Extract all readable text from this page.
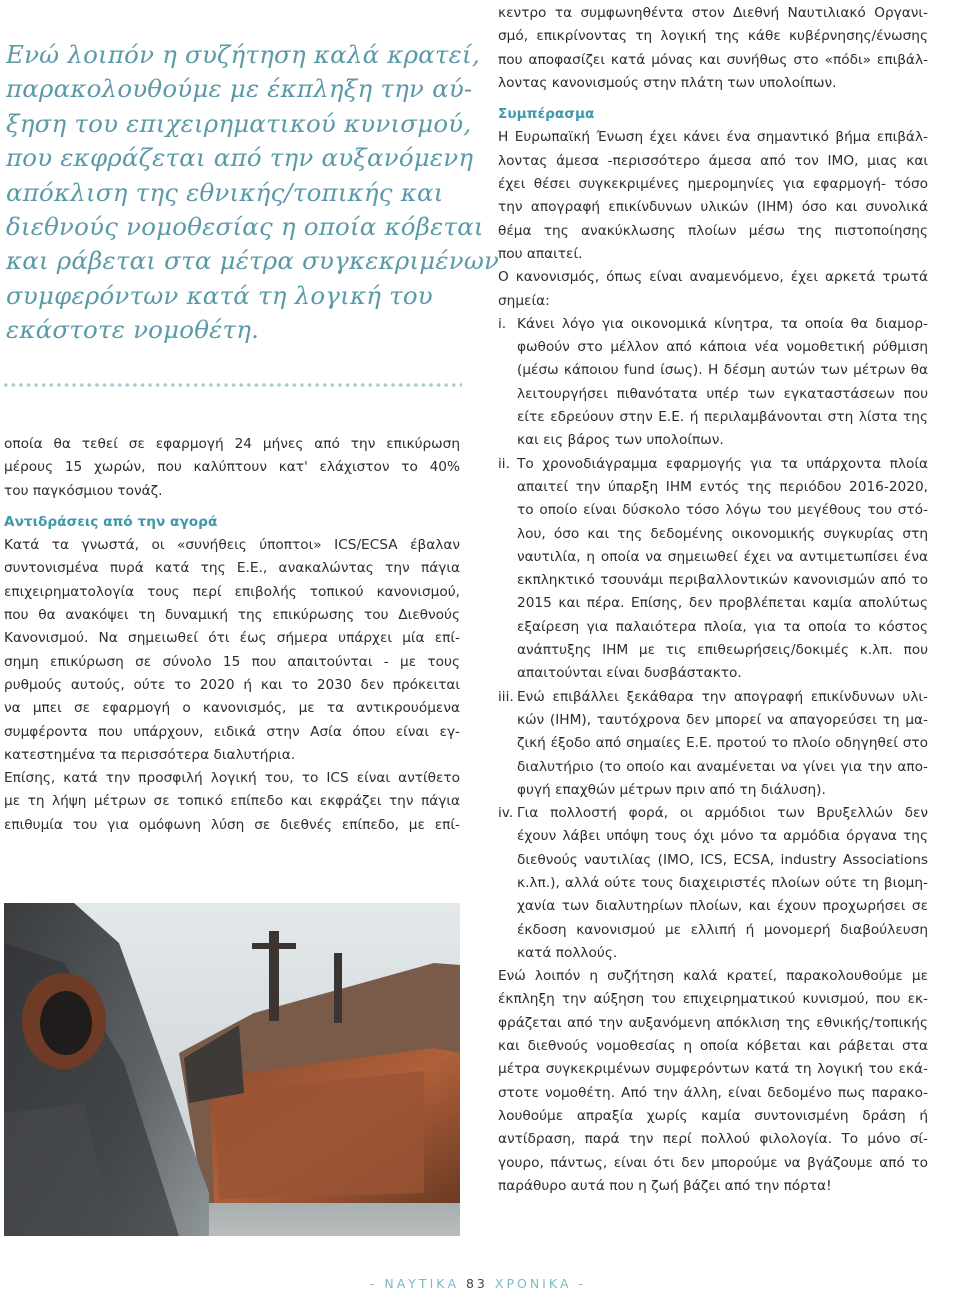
Ενώ λοιπόν η συζήτηση καλά κρατεί,
παρακολουθούμε με έκπληξη την αύ-
ξηση του επιχειρηματικού κυνισμού,
που εκφράζεται από την αυξανόμενη
απόκλιση της εθνικής/τοπικής και
διεθνούς νομοθεσίας η οποία κόβεται
και ράβεται στα μέτρα συγκεκριμένων
συμφερόντων κατά τη λογική του
εκάστοτε νομοθέτη.
οποία θα τεθεί σε εφαρμογή 24 μήνες από την επικύρωση
μέρους 15 χωρών, που καλύπτουν κατ' ελάχιστον το 40%
του παγκόσμιου τονάζ.
Αντιδράσεις από την αγορά
Κατά τα γνωστά, οι «συνήθεις ύποπτοι» ICS/ECSA έβαλαν
συντονισμένα πυρά κατά της Ε.Ε., ανακαλώντας την πάγια
επιχειρηματολογία τους περί επιβολής τοπικού κανονισμού,
που θα ανακόψει τη δυναμική της επικύρωσης του Διεθνούς
Κανονισμού. Να σημειωθεί ότι έως σήμερα υπάρχει μία επί-
σημη επικύρωση σε σύνολο 15 που απαιτούνται - με τους
ρυθμούς αυτούς, ούτε το 2020 ή και το 2030 δεν πρόκειται
να μπει σε εφαρμογή ο κανονισμός, με τα αντικρουόμενα
συμφέροντα που υπάρχουν, ειδικά στην Ασία όπου είναι εγ-
κατεστημένα τα περισσότερα διαλυτήρια.
Επίσης, κατά την προσφιλή λογική του, το ICS είναι αντίθετο
με τη λήψη μέτρων σε τοπικό επίπεδο και εκφράζει την πάγια
επιθυμία του για ομόφωνη λύση σε διεθνές επίπεδο, με επί-
κεντρο τα συμφωνηθέντα στον Διεθνή Ναυτιλιακό Οργανι-
σμό, επικρίνοντας τη λογική της κάθε κυβέρνησης/ένωσης
που αποφασίζει κατά μόνας και συνήθως στο «πόδι» επιβάλ-
λοντας κανονισμούς στην πλάτη των υπολοίπων.
Συμπέρασμα
Η Ευρωπαϊκή Ένωση έχει κάνει ένα σημαντικό βήμα επιβάλ-
λοντας άμεσα -περισσότερο άμεσα από τον ΙΜΟ, μιας και
έχει θέσει συγκεκριμένες ημερομηνίες για εφαρμογή- τόσο
την απογραφή επικίνδυνων υλικών (IHM) όσο και συνολικά
θέμα της ανακύκλωσης πλοίων μέσω της πιστοποίησης
που απαιτεί.
Ο κανονισμός, όπως είναι αναμενόμενο, έχει αρκετά τρωτά
σημεία:
i. Κάνει λόγο για οικονομικά κίνητρα, τα οποία θα διαμορ-
φωθούν στο μέλλον από κάποια νέα νομοθετική ρύθμιση
(μέσω κάποιου fund ίσως). Η δέσμη αυτών των μέτρων θα
λειτουργήσει πιθανότατα υπέρ των εγκαταστάσεων που
είτε εδρεύουν στην Ε.Ε. ή περιλαμβάνονται στη λίστα της
και εις βάρος των υπολοίπων.
ii. Το χρονοδιάγραμμα εφαρμογής για τα υπάρχοντα πλοία
απαιτεί την ύπαρξη IHM εντός της περιόδου 2016-2020,
το οποίο είναι δύσκολο τόσο λόγω του μεγέθους του στό-
λου, όσο και της δεδομένης οικονομικής συγκυρίας στη
ναυτιλία, η οποία να σημειωθεί έχει να αντιμετωπίσει ένα
εκπληκτικό τσουνάμι περιβαλλοντικών κανονισμών από το
2015 και πέρα. Επίσης, δεν προβλέπεται καμία απολύτως
εξαίρεση για παλαιότερα πλοία, για τα οποία το κόστος
ανάπτυξης IHM με τις επιθεωρήσεις/δοκιμές κ.λπ. που
απαιτούνται είναι δυσβάστακτο.
iii. Ενώ επιβάλλει ξεκάθαρα την απογραφή επικίνδυνων υλι-
κών (IHM), ταυτόχρονα δεν μπορεί να απαγορεύσει τη μα-
ζική έξοδο από σημαίες Ε.Ε. προτού το πλοίο οδηγηθεί στο
διαλυτήριο (το οποίο και αναμένεται να γίνει για την απο-
φυγή επαχθών μέτρων πριν από τη διάλυση).
iv. Για πολλοστή φορά, οι αρμόδιοι των Βρυξελλών δεν
έχουν λάβει υπόψη τους όχι μόνο τα αρμόδια όργανα της
διεθνούς ναυτιλίας (IMO, ICS, ECSA, industry Associations
κ.λπ.), αλλά ούτε τους διαχειριστές πλοίων ούτε τη βιομη-
χανία των διαλυτηρίων πλοίων, και έχουν προχωρήσει σε
έκδοση κανονισμού με ελλιπή ή μονομερή διαβούλευση
κατά πολλούς.
Ενώ λοιπόν η συζήτηση καλά κρατεί, παρακολουθούμε με
έκπληξη την αύξηση του επιχειρηματικού κυνισμού, που εκ-
φράζεται από την αυξανόμενη απόκλιση της εθνικής/τοπικής
και διεθνούς νομοθεσίας η οποία κόβεται και ράβεται στα
μέτρα συγκεκριμένων συμφερόντων κατά τη λογική του εκά-
στοτε νομοθέτη. Από την άλλη, είναι δεδομένο πως παρακο-
λουθούμε απραξία χωρίς καμία συντονισμένη δράση ή
αντίδραση, παρά την περί πολλού φιλολογία. Το μόνο σί-
γουρο, πάντως, είναι ότι δεν μπορούμε να βγάζουμε από το
παράθυρο αυτά που η ζωή βάζει από την πόρτα!
- ΝΑΥΤΙΚΑ 83 ΧΡΟΝΙΚΑ -
